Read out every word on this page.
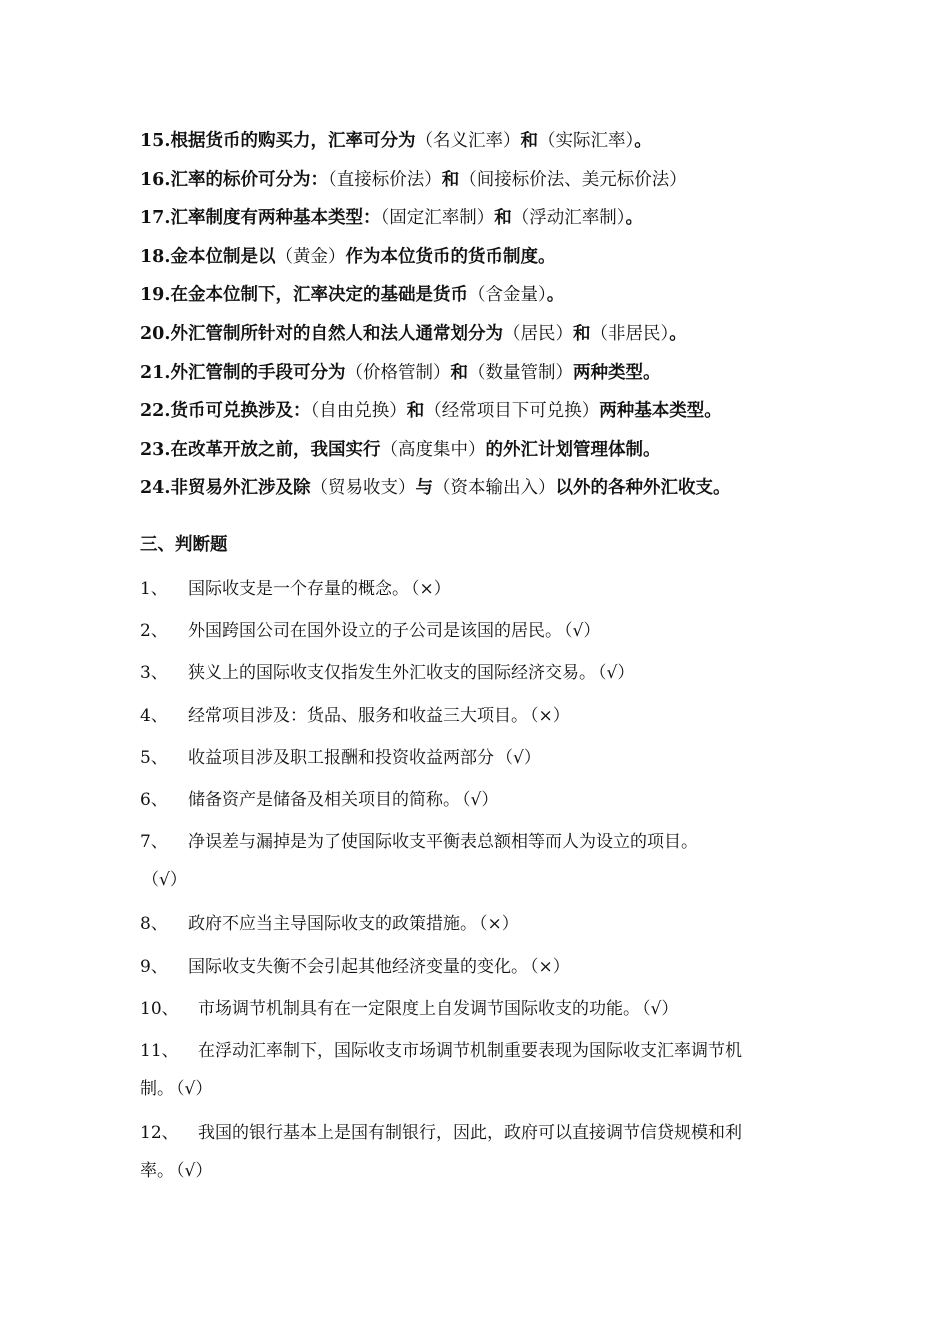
15.根据货币的购买力，汇率可分为（名义汇率）和（实际汇率）。
16.汇率的标价可分为：（直接标价法）和（间接标价法、美元标价法）
17.汇率制度有两种基本类型：（固定汇率制）和（浮动汇率制）。
18.金本位制是以（黄金）作为本位货币的货币制度。
19.在金本位制下，汇率决定的基础是货币（含金量）。
20.外汇管制所针对的自然人和法人通常划分为（居民）和（非居民）。
21.外汇管制的手段可分为（价格管制）和（数量管制）两种类型。
22.货币可兑换涉及：（自由兑换）和（经常项目下可兑换）两种基本类型。
23.在改革开放之前，我国实行（高度集中）的外汇计划管理体制。
24.非贸易外汇涉及除（贸易收支）与（资本输出入）以外的各种外汇收支。
三、判断题
1、 国际收支是一个存量的概念。 （×）
2、 外国跨国公司在国外设立的子公司是该国的居民。 （√）
3、 狭义上的国际收支仅指发生外汇收支的国际经济交易。 （√）
4、 经常项目涉及：货品、服务和收益三大项目。 （×）
5、 收益项目涉及职工报酬和投资收益两部分 （√）
6、 储备资产是储备及相关项目的简称。 （√）
7、 净误差与漏掉是为了使国际收支平衡表总额相等而人为设立的项目。
（√）
8、 政府不应当主导国际收支的政策措施。 （×）
9、 国际收支失衡不会引起其他经济变量的变化。 （×）
10、 市场调节机制具有在一定限度上自发调节国际收支的功能。 （√）
11、 在浮动汇率制下，国际收支市场调节机制重要表现为国际收支汇率调节机
制。 （√）
12、 我国的银行基本上是国有制银行，因此，政府可以直接调节信贷规模和利
率。 （√）
